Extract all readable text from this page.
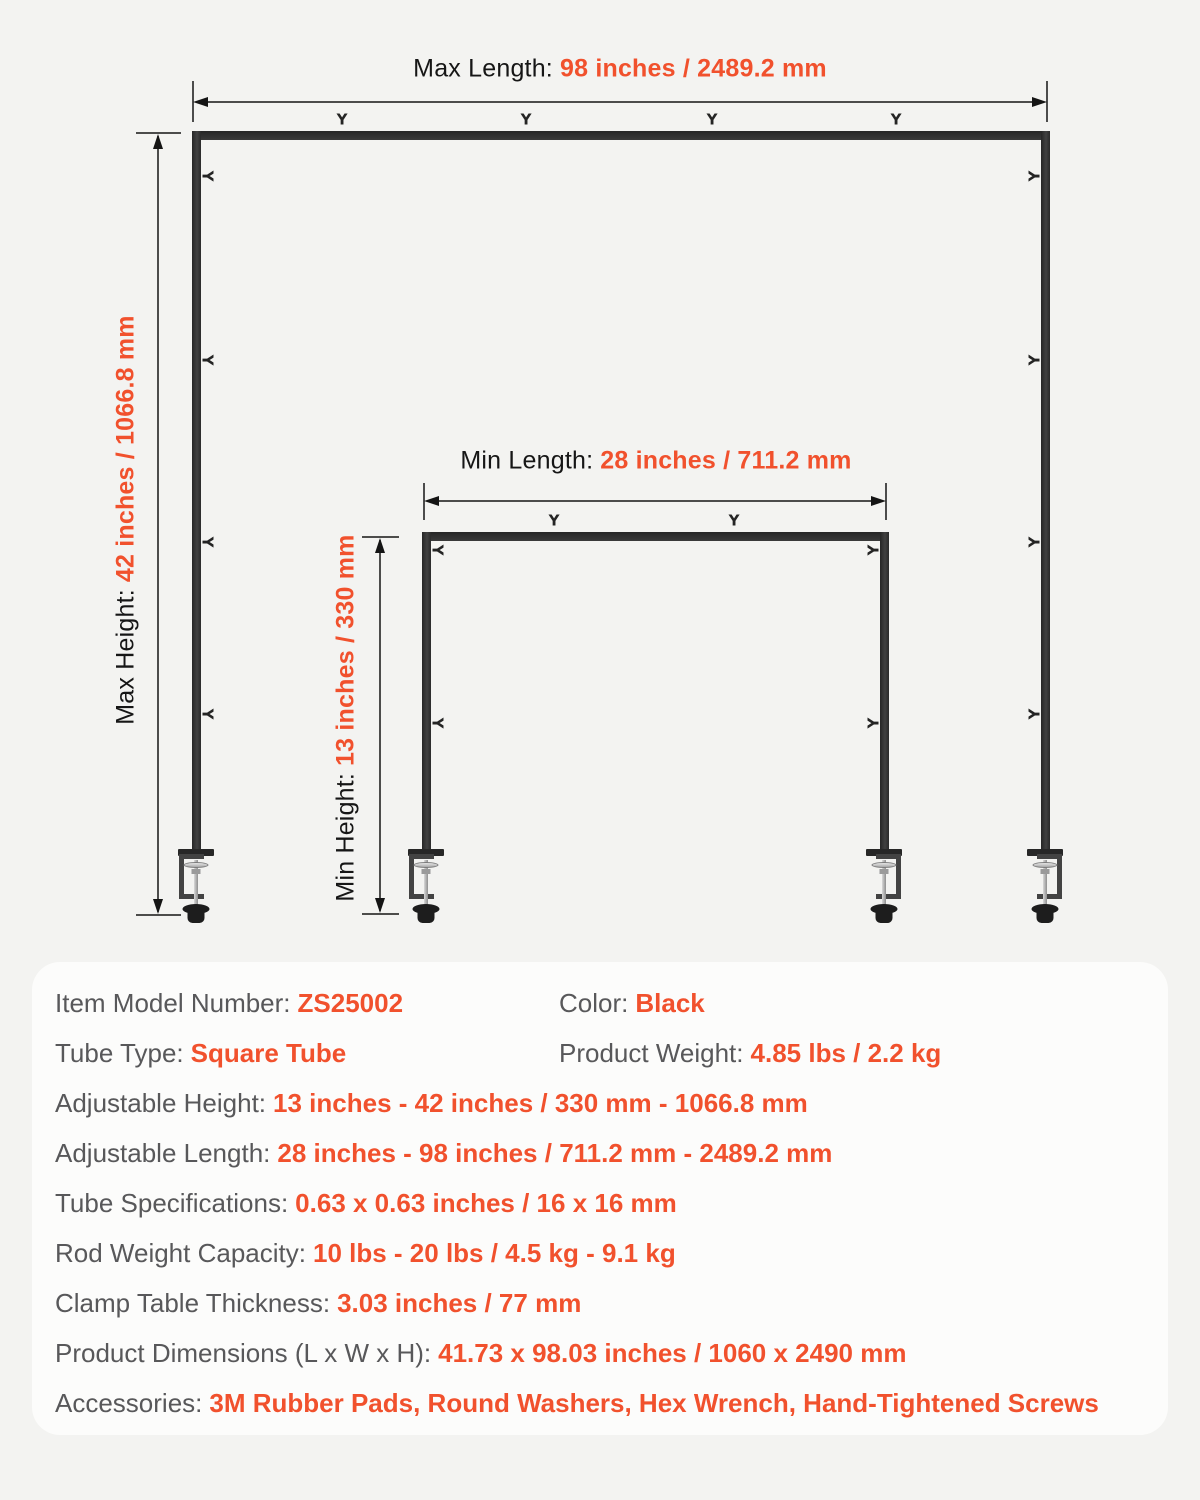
Max Length: 98 inches / 2489.2 mm
Max Height:42 inches / 1066.8 mm	Min Length: 28 inches / 711.2 mm
Min Height:13 inches / 330 mm
Y	Y	Y	Y
Y
Y
Y
Y
Y
Y
Y
Y
Y	Y
Y
Y
Y
Y

Item Model Number: ZS25002	Color: Black

Tube Type: Square Tube	Product Weight: 4.85 lbs / 2.2 kg

Adjustable Height: 13 inches - 42 inches / 330 mm - 1066.8 mm

Adjustable Length: 28 inches - 98 inches / 711.2 mm - 2489.2 mm

Tube Specifications: 0.63 x 0.63 inches / 16 x 16 mm

Rod Weight Capacity: 10 lbs - 20 lbs / 4.5 kg - 9.1 kg

Clamp Table Thickness: 3.03 inches / 77 mm

Product Dimensions (L x W x H): 41.73 x 98.03 inches / 1060 x 2490 mm

Accessories: 3M Rubber Pads, Round Washers, Hex Wrench, Hand-Tightened Screws
